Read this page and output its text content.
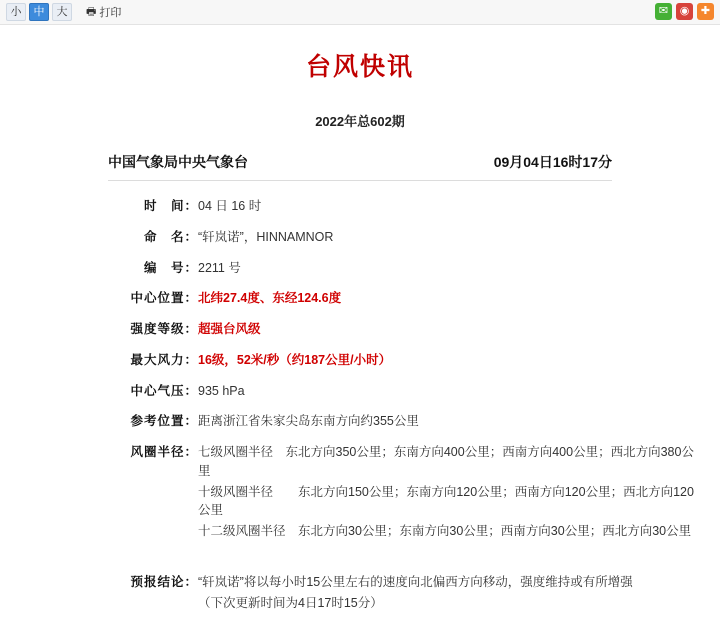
小	中	大	🖶 打印	✉	◉	✚
台风快讯
2022年总602期
中国气象局中央气象台	09月04日16时17分
时　间：	04 日 16 时
命　名：	“轩岚诺”，HINNAMNOR
编　号：	2211 号
中心位置：	北纬27.4度、东经124.6度
强度等级：	超强台风级
最大风力：	16级，52米/秒（约187公里/小时）
中心气压：	935 hPa
参考位置：	距离浙江省朱家尖岛东南方向约355公里
风圈半径：	七级风圈半径　东北方向350公里；东南方向400公里；西南方向400公里；西北方向380公里
十级风圈半径　　东北方向150公里；东南方向120公里；西南方向120公里；西北方向120公里
十二级风圈半径　东北方向30公里；东南方向30公里；西南方向30公里；西北方向30公里

预报结论：	“轩岚诺”将以每小时15公里左右的速度向北偏西方向移动，强度维持或有所增强
（下次更新时间为4日17时15分）
